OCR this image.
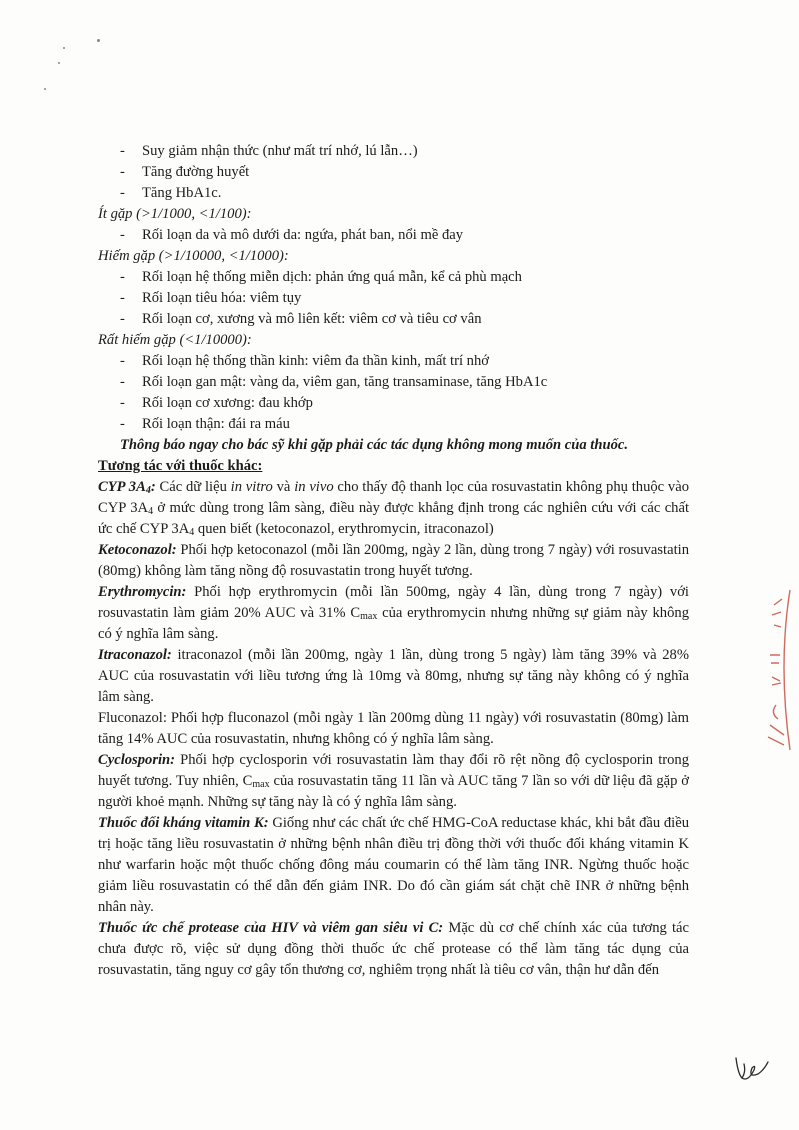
- Suy giảm nhận thức (như mất trí nhớ, lú lẫn…)
- Tăng đường huyết
- Tăng HbA1c.
Ít gặp (>1/1000, <1/100):
- Rối loạn da và mô dưới da: ngứa, phát ban, nổi mề đay
Hiếm gặp (>1/10000, <1/1000):
- Rối loạn hệ thống miễn dịch: phản ứng quá mẫn, kể cả phù mạch
- Rối loạn tiêu hóa: viêm tụy
- Rối loạn cơ, xương và mô liên kết: viêm cơ và tiêu cơ vân
Rất hiếm gặp (<1/10000):
- Rối loạn hệ thống thần kinh: viêm đa thần kinh, mất trí nhớ
- Rối loạn gan mật: vàng da, viêm gan, tăng transaminase, tăng HbA1c
- Rối loạn cơ xương: đau khớp
- Rối loạn thận: đái ra máu
Thông báo ngay cho bác sỹ khi gặp phải các tác dụng không mong muốn của thuốc.
Tương tác với thuốc khác:

CYP $3A_4$: Các dữ liệu in vitro và in vivo cho thấy độ thanh lọc của rosuvastatin không phụ thuộc vào CYP $3A_4$ ở mức dùng trong lâm sàng, điều này được khẳng định trong các nghiên cứu với các chất ức chế CYP $3A_4$ quen biết (ketoconazol, erythromycin, itraconazol)

Ketoconazol: Phối hợp ketoconazol (mỗi lần 200mg, ngày 2 lần, dùng trong 7 ngày) với rosuvastatin (80mg) không làm tăng nồng độ rosuvastatin trong huyết tương.

Erythromycin: Phối hợp erythromycin (mỗi lần 500mg, ngày 4 lần, dùng trong 7 ngày) với rosuvastatin làm giảm 20% AUC và 31% $C_{max}$ của erythromycin nhưng những sự giảm này không có ý nghĩa lâm sàng.

Itraconazol: itraconazol (mỗi lần 200mg, ngày 1 lần, dùng trong 5 ngày) làm tăng 39% và 28% AUC của rosuvastatin với liều tương ứng là 10mg và 80mg, nhưng sự tăng này không có ý nghĩa lâm sàng.

Fluconazol: Phối hợp fluconazol (mỗi ngày 1 lần 200mg dùng 11 ngày) với rosuvastatin (80mg) làm tăng 14% AUC của rosuvastatin, nhưng không có ý nghĩa lâm sàng.

Cyclosporin: Phối hợp cyclosporin với rosuvastatin làm thay đổi rõ rệt nồng độ cyclosporin trong huyết tương. Tuy nhiên, $C_{max}$ của rosuvastatin tăng 11 lần và AUC tăng 7 lần so với dữ liệu đã gặp ở người khoẻ mạnh. Những sự tăng này là có ý nghĩa lâm sàng.

Thuốc đối kháng vitamin K: Giống như các chất ức chế HMG-CoA reductase khác, khi bắt đầu điều trị hoặc tăng liều rosuvastatin ở những bệnh nhân điều trị đồng thời với thuốc đối kháng vitamin K như warfarin hoặc một thuốc chống đông máu coumarin có thể làm tăng INR. Ngừng thuốc hoặc giảm liều rosuvastatin có thể dẫn đến giảm INR. Do đó cần giám sát chặt chẽ INR ở những bệnh nhân này.

Thuốc ức chế protease của HIV và viêm gan siêu vi C: Mặc dù cơ chế chính xác của tương tác chưa được rõ, việc sử dụng đồng thời thuốc ức chế protease có thể làm tăng tác dụng của rosuvastatin, tăng nguy cơ gây tổn thương cơ, nghiêm trọng nhất là tiêu cơ vân, thận hư dẫn đến
